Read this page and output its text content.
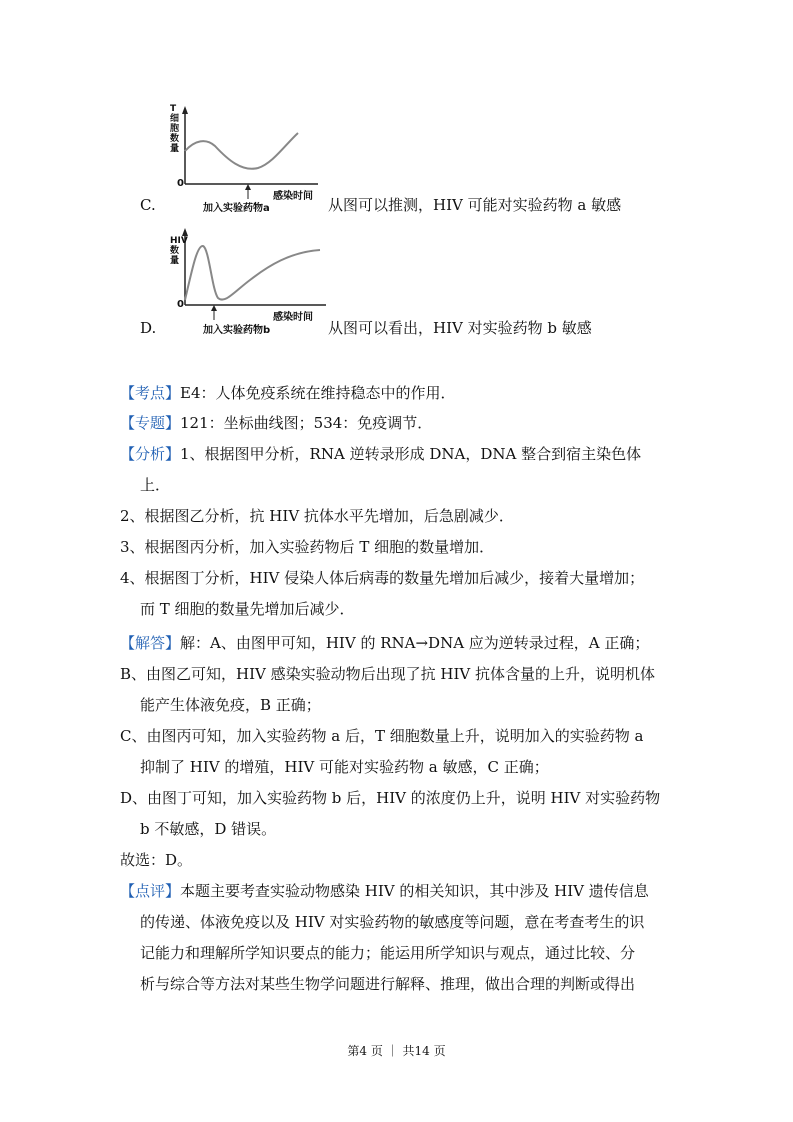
T细胞数量
0
感染时间
加入实验药物a
C.	从图可以推测，HIV 可能对实验药物 a 敏感
HIV数量
0
感染时间
加入实验药物b
D.	从图可以看出，HIV 对实验药物 b 敏感
【考点】E4：人体免疫系统在维持稳态中的作用．
【专题】121：坐标曲线图；534：免疫调节．
【分析】1、根据图甲分析，RNA 逆转录形成 DNA，DNA 整合到宿主染色体
上．
2、根据图乙分析，抗 HIV 抗体水平先增加，后急剧减少．
3、根据图丙分析，加入实验药物后 T 细胞的数量增加．
4、根据图丁分析，HIV 侵染人体后病毒的数量先增加后减少，接着大量增加；
而 T 细胞的数量先增加后减少．
【解答】解：A、由图甲可知，HIV 的 RNA→DNA 应为逆转录过程，A 正确；
B、由图乙可知，HIV 感染实验动物后出现了抗 HIV 抗体含量的上升，说明机体
能产生体液免疫，B 正确；
C、由图丙可知，加入实验药物 a 后，T 细胞数量上升，说明加入的实验药物 a
抑制了 HIV 的增殖，HIV 可能对实验药物 a 敏感，C 正确；
D、由图丁可知，加入实验药物 b 后，HIV 的浓度仍上升，说明 HIV 对实验药物
b 不敏感，D 错误。
故选：D。
【点评】本题主要考查实验动物感染 HIV 的相关知识，其中涉及 HIV 遗传信息
的传递、体液免疫以及 HIV 对实验药物的敏感度等问题，意在考查考生的识
记能力和理解所学知识要点的能力；能运用所学知识与观点，通过比较、分
析与综合等方法对某些生物学问题进行解释、推理，做出合理的判断或得出
第4 页 ｜ 共14 页
